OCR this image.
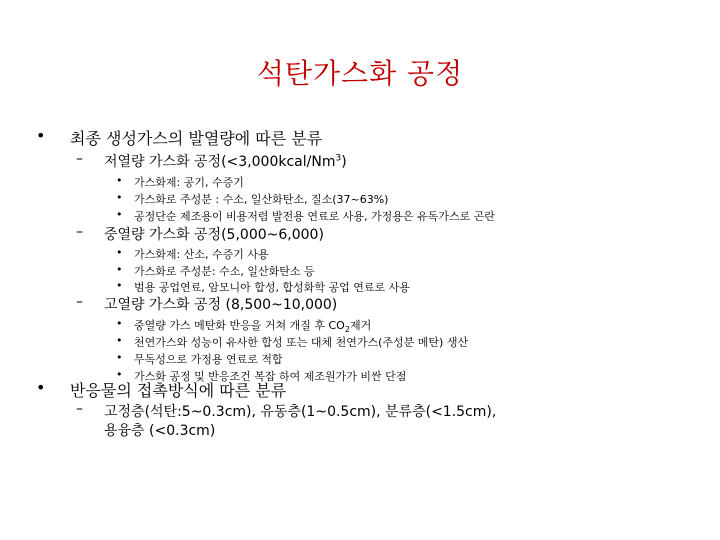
석탄가스화 공정
• 최종 생성가스의 발열량에 따른 분류
– 저열량 가스화 공정$(<3,000kcal/Nm^3)$
• 가스화제: 공기, 수증기
• 가스화로 주성분 : 수소, 일산화탄소, 질소(37~63%)
• 공정단순 제조용이 비용저렴 발전용 연료로 사용, 가정용은 유독가스로 곤란
– 중열량 가스화 공정(5,000~6,000)
• 가스화제: 산소, 수증기 사용
• 가스화로 주성분: 수소, 일산화탄소 등
• 범용 공업연료, 암모니아 합성, 합성화학 공업 연료로 사용
– 고열량 가스화 공정 (8,500~10,000)
• 중열량 가스 메탄화 반응을 거쳐 개질 후 $CO_2$제거
• 천연가스와 성능이 유사한 합성 또는 대체 천연가스(주성분 메탄) 생산
• 무독성으로 가정용 연료로 적합
• 가스화 공정 및 반응조건 복잡 하여 제조원가가 비싼 단점
• 반응물의 접촉방식에 따른 분류
– 고정층(석탄:5~0.3cm), 유동층(1~0.5cm), 분류층(<1.5cm),
용융층 (<0.3cm)
